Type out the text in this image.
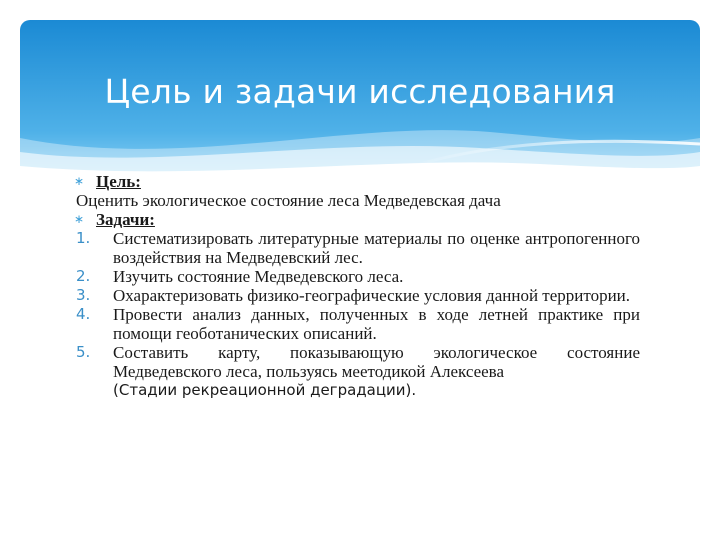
Цель и задачи исследования
∗ Цель:
Оценить экологическое состояние леса Медведевская дача
∗ Задачи:
1. Систематизировать литературные материалы по оценке антропогенного воздействия на Медведевский лес.
2. Изучить состояние Медведевского леса.
3. Охарактеризовать физико-географические условия данной территории.
4. Провести анализ данных, полученных в ходе летней практике при помощи геоботанических описаний.
5. Составить карту, показывающую экологическое состояние Медведевского леса, пользуясь меетодикой Алексеева
(Стадии рекреационной деградации).
